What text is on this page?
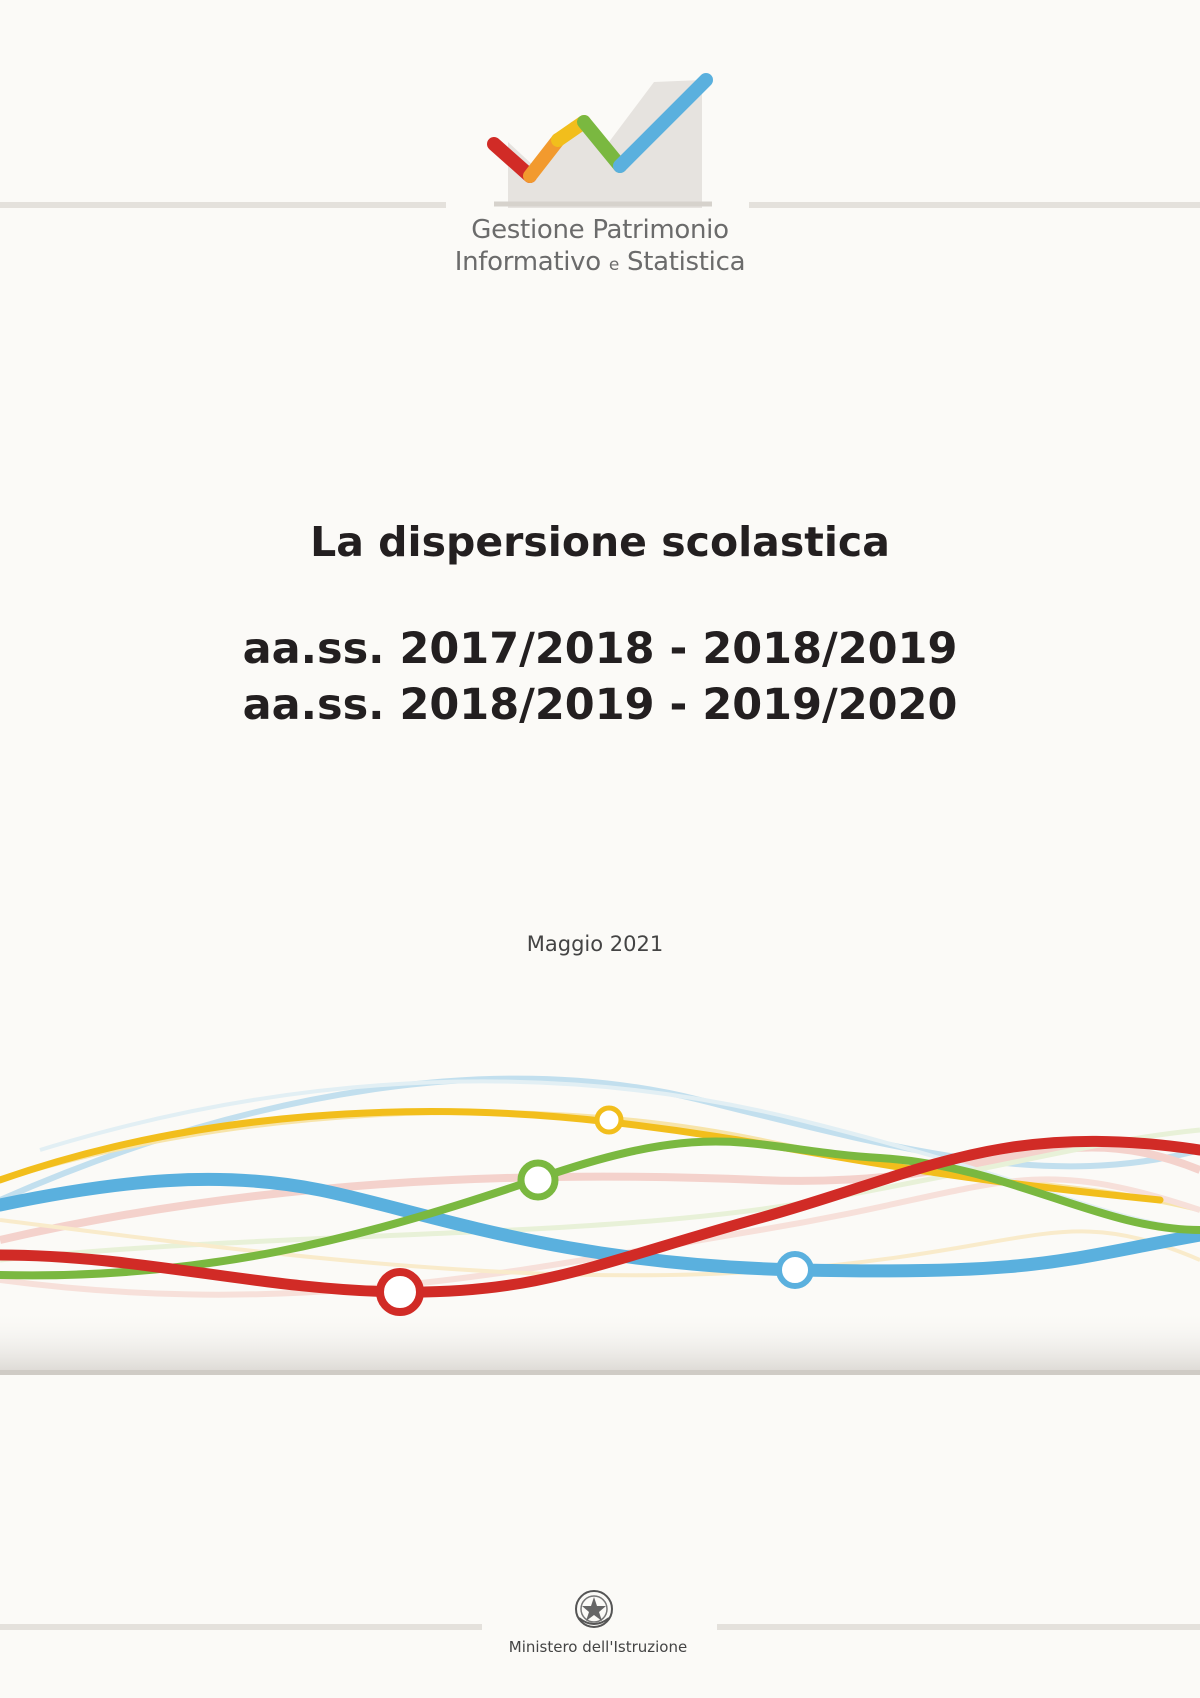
Gestione Patrimonio
Informativo e Statistica
La dispersione scolastica
aa.ss. 2017/2018 - 2018/2019
aa.ss. 2018/2019 - 2019/2020
Maggio 2021
Ministero dell'Istruzione
